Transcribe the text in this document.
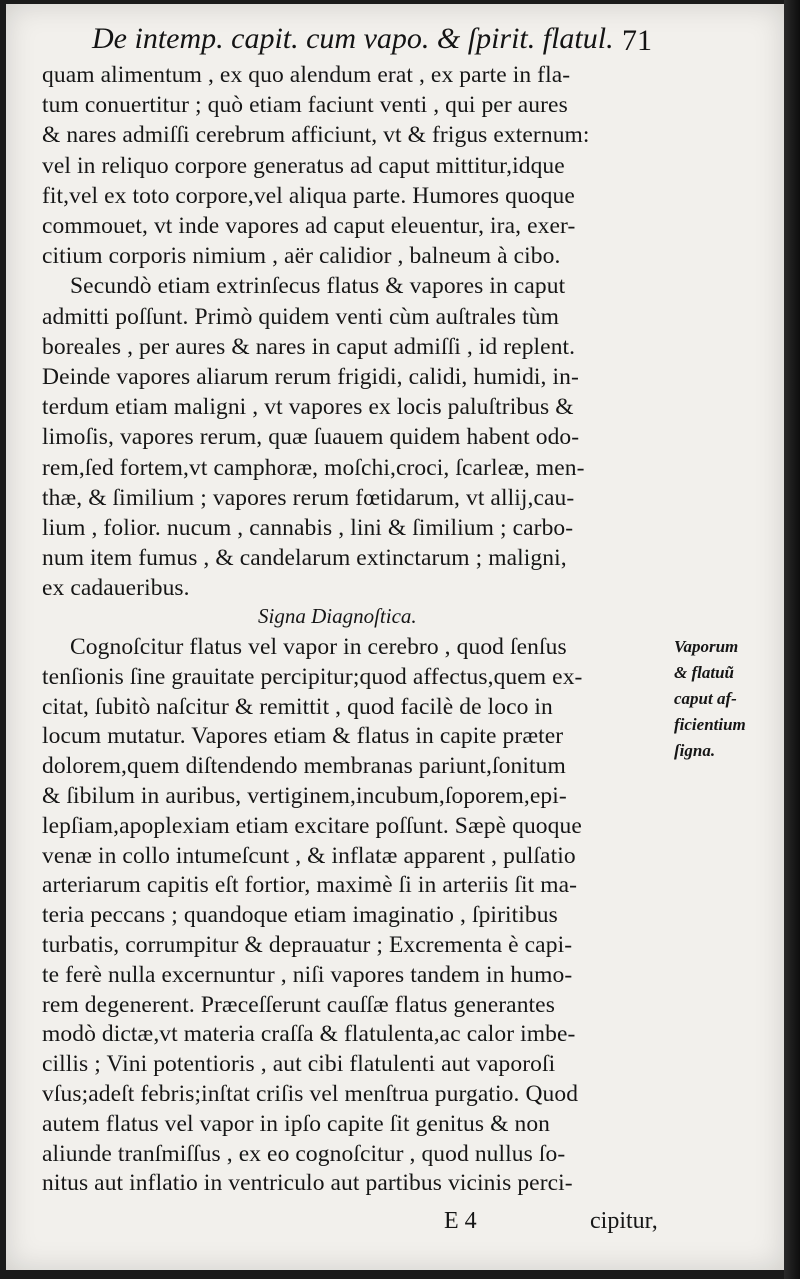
De intemp. capit. cum vapo. & ſpirit. flatul. 71
quam alimentum , ex quo alendum erat , ex parte in fla-
tum conuertitur ; quò etiam faciunt venti , qui per aures
& nares admiſſi cerebrum afficiunt, vt & frigus externum:
vel in reliquo corpore generatus ad caput mittitur,idque
fit,vel ex toto corpore,vel aliqua parte. Humores quoque
commouet, vt inde vapores ad caput eleuentur, ira, exer-
citium corporis nimium , aër calidior , balneum à cibo.
Secundò etiam extrinſecus flatus & vapores in caput
admitti poſſunt. Primò quidem venti cùm auſtrales tùm
boreales , per aures & nares in caput admiſſi , id replent.
Deinde vapores aliarum rerum frigidi, calidi, humidi, in-
terdum etiam maligni , vt vapores ex locis paluſtribus &
limoſis, vapores rerum, quæ ſuauem quidem habent odo-
rem,ſed fortem,vt camphoræ, moſchi,croci, ſcarleæ, men-
thæ, & ſimilium ; vapores rerum fœtidarum, vt allij,cau-
lium , folior. nucum , cannabis , lini & ſimilium ; carbo-
num item fumus , & candelarum extinctarum ; maligni,
ex cadaueribus.
Cognoſcitur flatus vel vapor in cerebro , quod ſenſus
tenſionis ſine grauitate percipitur;quod affectus,quem ex-
citat, ſubitò naſcitur & remittit , quod facilè de loco in
locum mutatur. Vapores etiam & flatus in capite præter
dolorem,quem diſtendendo membranas pariunt,ſonitum
& ſibilum in auribus, vertiginem,incubum,ſoporem,epi-
lepſiam,apoplexiam etiam excitare poſſunt. Sæpè quoque
venæ in collo intumeſcunt , & inflatæ apparent , pulſatio
arteriarum capitis eſt fortior, maximè ſi in arteriis ſit ma-
teria peccans ; quandoque etiam imaginatio , ſpiritibus
turbatis, corrumpitur & deprauatur ; Excrementa è capi-
te ferè nulla excernuntur , niſi vapores tandem in humo-
rem degenerent. Præceſſerunt cauſſæ flatus generantes
modò dictæ,vt materia craſſa & flatulenta,ac calor imbe-
cillis ; Vini potentioris , aut cibi flatulenti aut vaporoſi
vſus;adeſt febris;inſtat criſis vel menſtrua purgatio. Quod
autem flatus vel vapor in ipſo capite ſit genitus & non
aliunde tranſmiſſus , ex eo cognoſcitur , quod nullus ſo-
nitus aut inflatio in ventriculo aut partibus vicinis perci-
Signa Diagnoſtica.
Vaporum
& flatuũ
caput af-
ficientium
ſigna.
E 4	cipitur,
